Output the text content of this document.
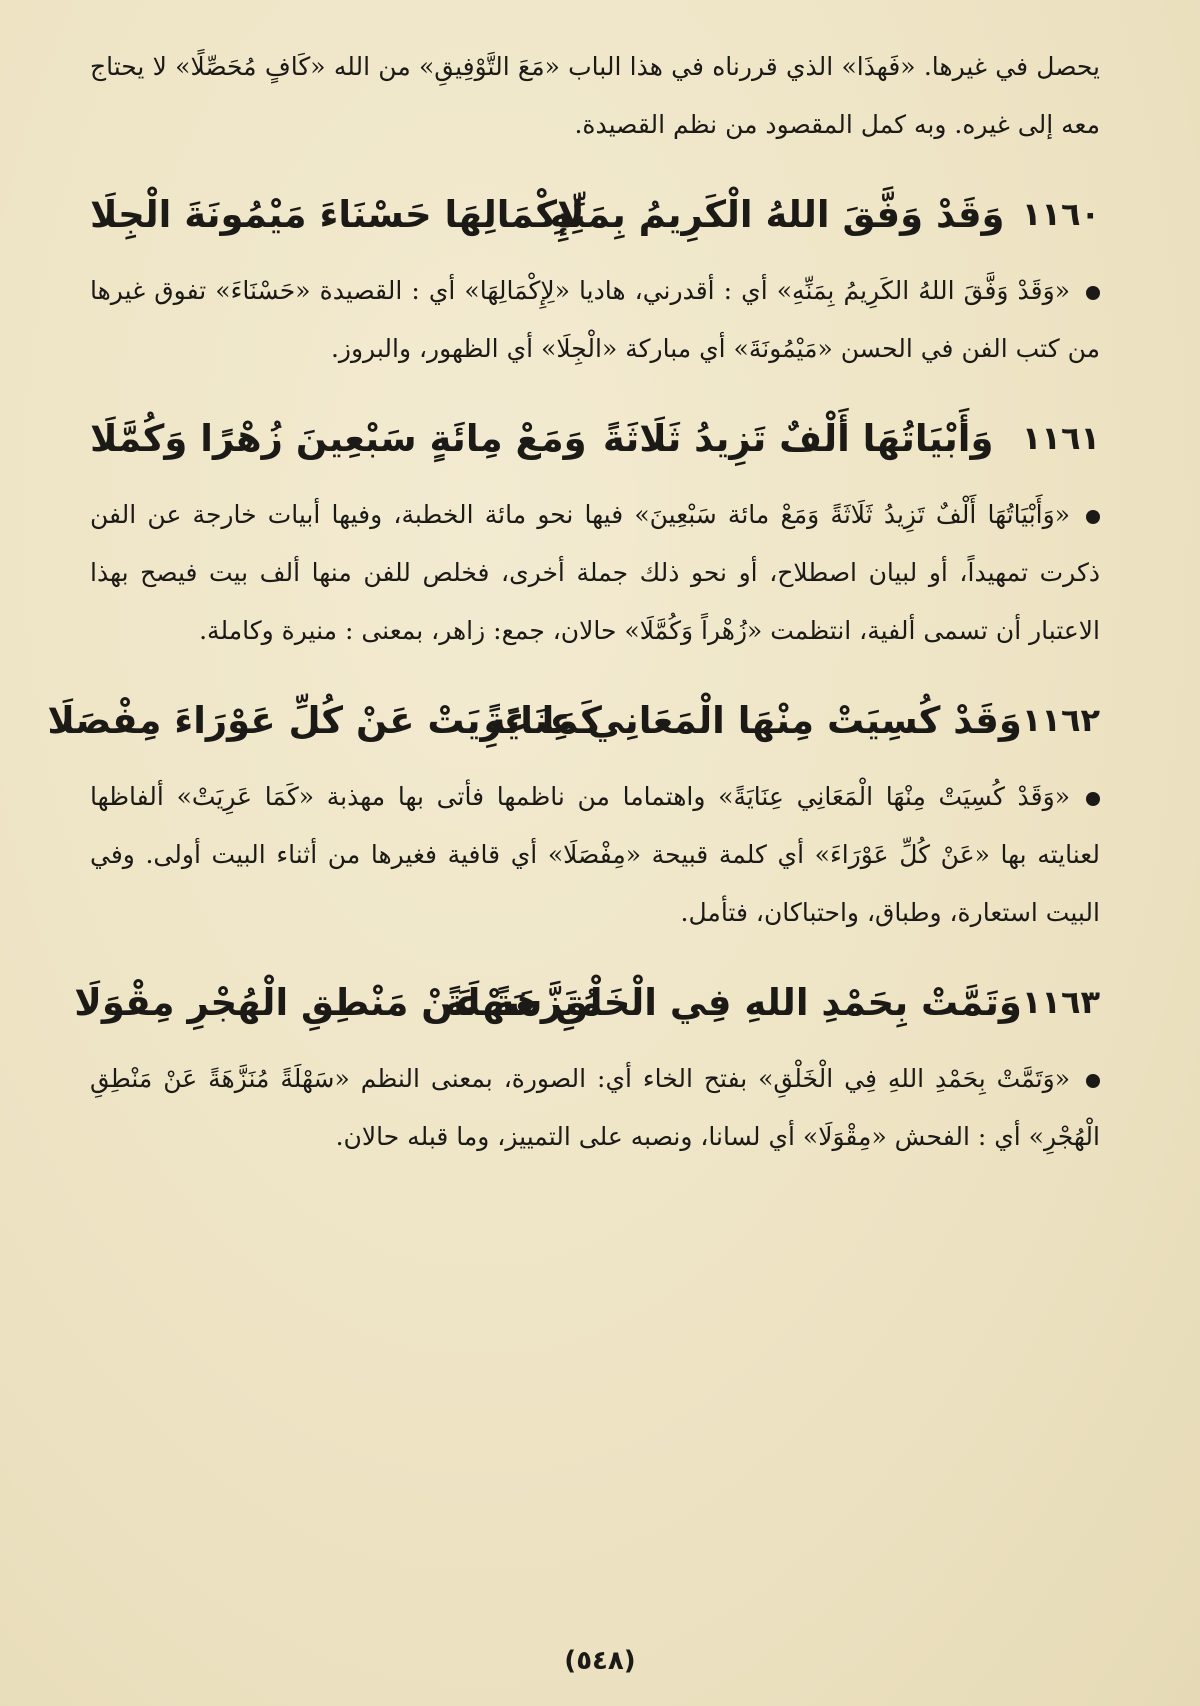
يحصل في غيرها. «فَهذَا» الذي قررناه في هذا الباب «مَعَ التَّوْفِيقِ» من الله «كَافٍ مُحَصِّلًا» لا يحتاج معه إلى غيره. وبه كمل المقصود من نظم القصيدة.

١١٦٠
وَقَدْ وَفَّقَ اللهُ الْكَرِيمُ بِمَنِّهِ
لِإِكْمَالِهَا حَسْنَاءَ مَيْمُونَةَ الْجِلَا

«وَقَدْ وَفَّقَ اللهُ الكَرِيمُ بِمَنِّهِ» أي : أقدرني، هاديا «لِإِكْمَالِهَا» أي : القصيدة «حَسْنَاءَ» تفوق غيرها من كتب الفن في الحسن «مَيْمُونَةَ» أي مباركة «الْجِلَا» أي الظهور، والبروز.

١١٦١
وَأَبْيَاتُهَا أَلْفٌ تَزِيدُ ثَلَاثَةً
وَمَعْ مِائَةٍ سَبْعِينَ زُهْرًا وَكُمَّلَا

«وَأَبْيَاتُهَا أَلْفٌ تَزِيدُ ثَلَاثَةً وَمَعْ مائة سَبْعِينَ» فيها نحو مائة الخطبة، وفيها أبيات خارجة عن الفن ذكرت تمهيداً، أو لبيان اصطلاح، أو نحو ذلك جملة أخرى، فخلص للفن منها ألف بيت فيصح بهذا الاعتبار أن تسمى ألفية، انتظمت «زُهْراً وَكُمَّلَا» حالان، جمع: زاهر، بمعنى : منيرة وكاملة.

١١٦٢
وَقَدْ كُسِيَتْ مِنْهَا الْمَعَانِي عِنَايَةً
كَمَا عَرِيَتْ عَنْ كُلِّ عَوْرَاءَ مِفْصَلَا

«وَقَدْ كُسِيَتْ مِنْهَا الْمَعَانِي عِنَايَةً» واهتماما من ناظمها فأتى بها مهذبة «كَمَا عَرِيَتْ» ألفاظها لعنايته بها «عَنْ كُلِّ عَوْرَاءَ» أي كلمة قبيحة «مِفْصَلَا» أي قافية فغيرها من أثناء البيت أولى. وفي البيت استعارة، وطباق، واحتباكان، فتأمل.

١١٦٣
وَتَمَّتْ بِحَمْدِ اللهِ فِي الْخَلْقِ سَهْلَةً
مُنَزَّهَةً عَنْ مَنْطِقِ الْهُجْرِ مِقْوَلَا

«وَتَمَّتْ بِحَمْدِ اللهِ فِي الْخَلْقِ» بفتح الخاء أي: الصورة، بمعنى النظم «سَهْلَةً مُنَزَّهَةً عَنْ مَنْطِقِ الْهُجْرِ» أي : الفحش «مِقْوَلَا» أي لسانا، ونصبه على التمييز، وما قبله حالان.

(٥٤٨)
